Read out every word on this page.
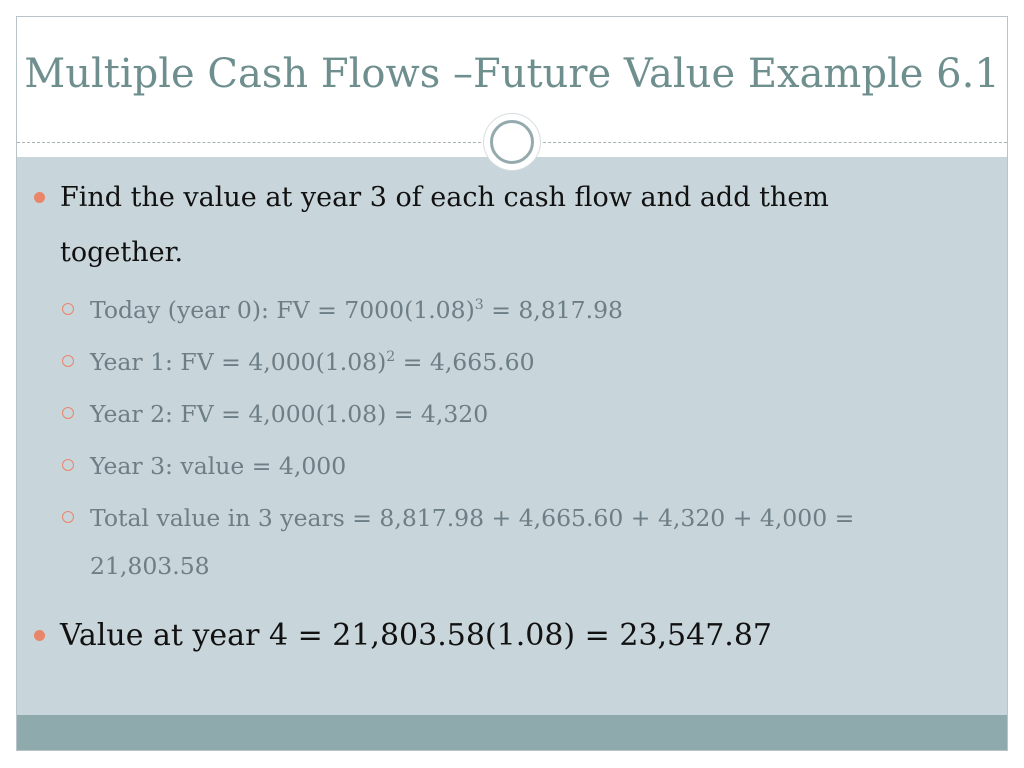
Multiple Cash Flows –Future Value Example 6.1
Find the value at year 3 of each cash flow and add them
together.
Today (year 0): FV = $7000(1.08)^3 = 8,817.98$
Year 1: FV = $4,000(1.08)^2 = 4,665.60$
Year 2: FV = 4,000(1.08) = 4,320
Year 3: value = 4,000
Total value in 3 years = 8,817.98 + 4,665.60 + 4,320 + 4,000 =
21,803.58
Value at year 4 = 21,803.58(1.08) = 23,547.87
